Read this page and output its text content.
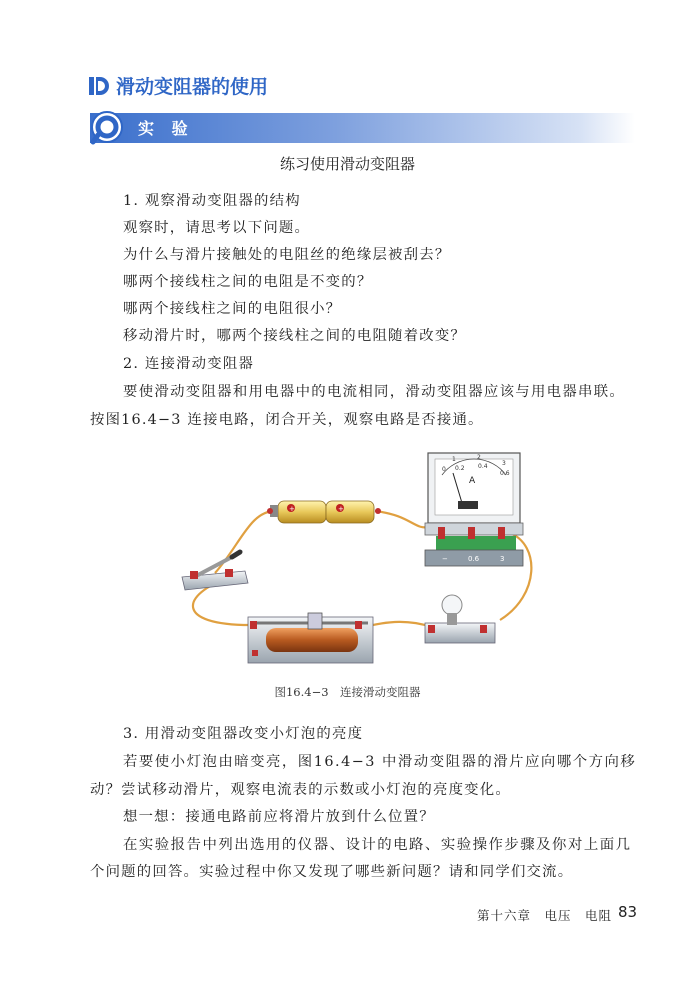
滑动变阻器的使用
实 验
练习使用滑动变阻器
1. 观察滑动变阻器的结构
观察时，请思考以下问题。
为什么与滑片接触处的电阻丝的绝缘层被刮去？
哪两个接线柱之间的电阻是不变的？
哪两个接线柱之间的电阻很小？
移动滑片时，哪两个接线柱之间的电阻随着改变？
2. 连接滑动变阻器
要使滑动变阻器和用电器中的电流相同，滑动变阻器应该与用电器串联。
按图16.4−3 连接电路，闭合开关，观察电路是否接通。
+	+
0
1
0.2
2
0.4 3
0.6
A
−	0.6	3
图16.4−3　连接滑动变阻器
3. 用滑动变阻器改变小灯泡的亮度
若要使小灯泡由暗变亮，图16.4−3 中滑动变阻器的滑片应向哪个方向移
动？尝试移动滑片，观察电流表的示数或小灯泡的亮度变化。
想一想：接通电路前应将滑片放到什么位置？
在实验报告中列出选用的仪器、设计的电路、实验操作步骤及你对上面几
个问题的回答。实验过程中你又发现了哪些新问题？请和同学们交流。
第十六章　电压　电阻 83
